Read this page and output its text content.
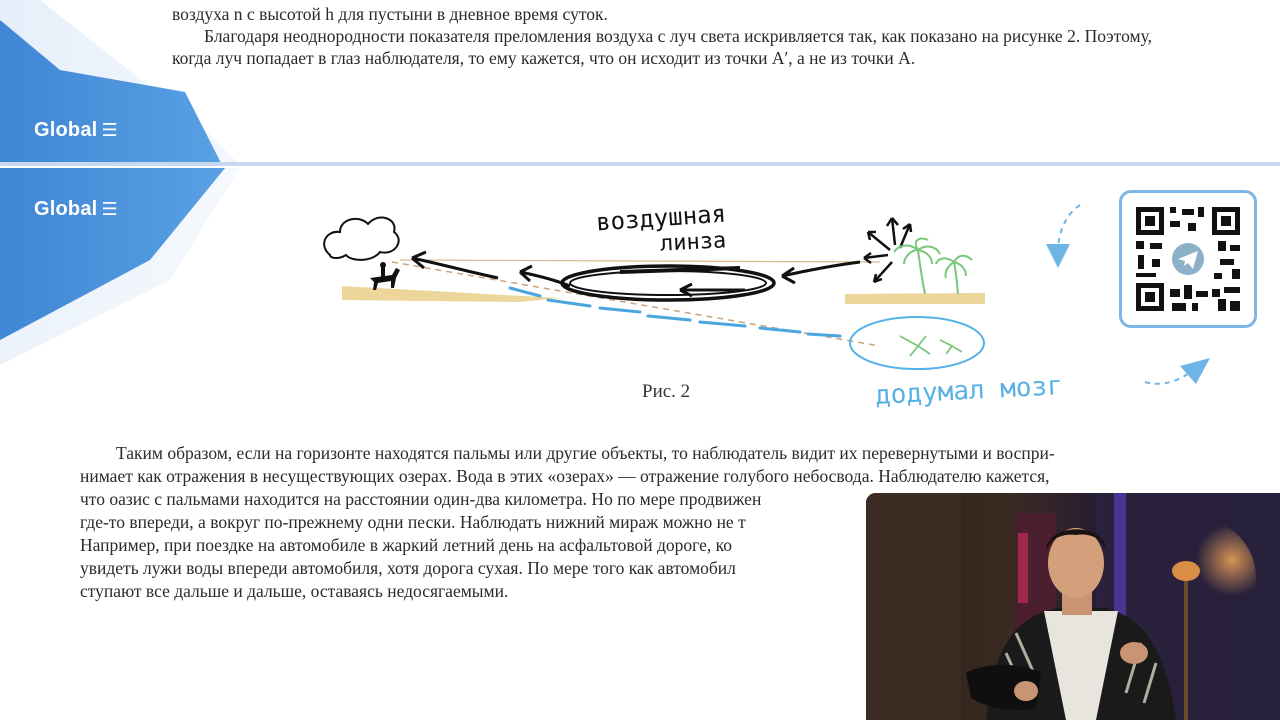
воздуха n с высотой h для пустыни в дневное время суток.
Благодаря неоднородности показателя преломления воздуха c луч света искривляется так, как показано на рисунке 2. Поэтому,
когда луч попадает в глаз наблюдателя, то ему кажется, что он исходит из точки A′, а не из точки A.
Global ☰
Global ☰	воздушная
линза
додумал мозг
Рис. 2
Таким образом, если на горизонте находятся пальмы или другие объекты, то наблюдатель видит их перевернутыми и воспри-
нимает как отражения в несуществующих озерах. Вода в этих «озерах» — отражение голубого небосвода. Наблюдателю кажется,
что оазис с пальмами находится на расстоянии один-два километра. Но по мере продвижен
где-то впереди, а вокруг по-прежнему одни пески. Наблюдать нижний мираж можно не т
Например, при поездке на автомобиле в жаркий летний день на асфальтовой дороге, ко
увидеть лужи воды впереди автомобиля, хотя дорога сухая. По мере того как автомобил
ступают все дальше и дальше, оставаясь недосягаемыми.
